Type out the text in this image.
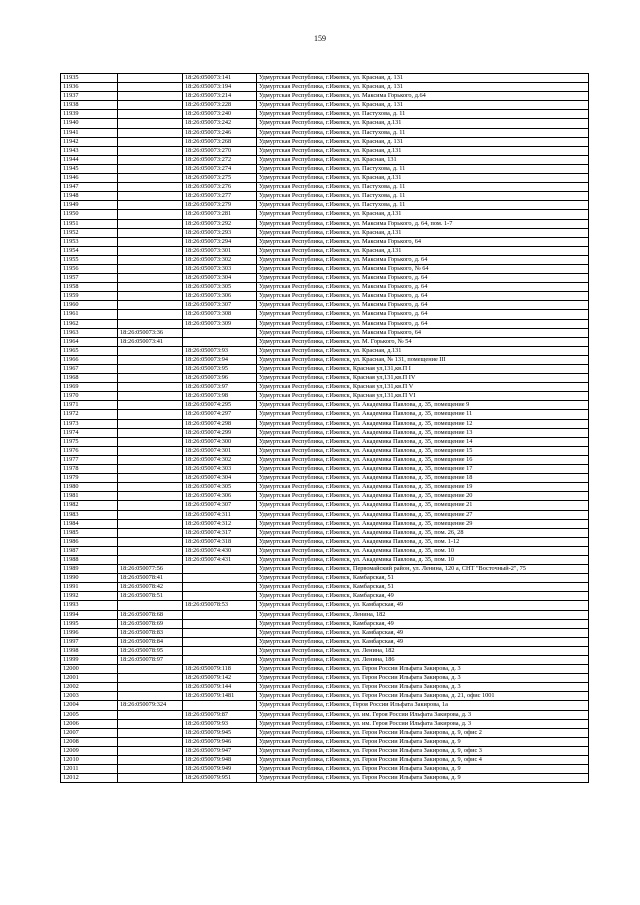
159
11935		18:26:050073:141	Удмуртская Республика, г.Ижевск, ул. Красная, д. 131
11936		18:26:050073:194	Удмуртская Республика, г.Ижевск, ул. Красная, д. 131
11937		18:26:050073:214	Удмуртская Республика, г.Ижевск, ул. Максима Горького, д.64
11938		18:26:050073:228	Удмуртская Республика, г.Ижевск, ул. Красная, д. 131
11939		18:26:050073:240	Удмуртская Республика, г.Ижевск, ул. Пастухова, д. 11
11940		18:26:050073:242	Удмуртская Республика, г.Ижевск, ул. Красная, д.131
11941		18:26:050073:246	Удмуртская Республика, г.Ижевск, ул. Пастухова, д. 11
11942		18:26:050073:268	Удмуртская Республика, г.Ижевск, ул. Красная, д. 131
11943		18:26:050073:270	Удмуртская Республика, г.Ижевск, ул. Красная, д.131
11944		18:26:050073:272	Удмуртская Республика, г.Ижевск, ул. Красная, 131
11945		18:26:050073:274	Удмуртская Республика, г.Ижевск, ул. Пастухова, д. 11
11946		18:26:050073:275	Удмуртская Республика, г.Ижевск, ул. Красная, д.131
11947		18:26:050073:276	Удмуртская Республика, г.Ижевск, ул. Пастухова, д. 11
11948		18:26:050073:277	Удмуртская Республика, г.Ижевск, ул. Пастухова, д. 11
11949		18:26:050073:279	Удмуртская Республика, г.Ижевск, ул. Пастухова, д. 11
11950		18:26:050073:281	Удмуртская Республика, г.Ижевск, ул. Красная, д.131
11951		18:26:050073:292	Удмуртская Республика, г.Ижевск, ул. Максима Горького, д. 64, пом. 1-7
11952		18:26:050073:293	Удмуртская Республика, г.Ижевск, ул. Красная, д.131
11953		18:26:050073:294	Удмуртская Республика, г.Ижевск, ул. Максима Горького, 64
11954		18:26:050073:301	Удмуртская Республика, г.Ижевск, ул. Красная, д.131
11955		18:26:050073:302	Удмуртская Республика, г.Ижевск, ул. Максима Горького, д. 64
11956		18:26:050073:303	Удмуртская Республика, г.Ижевск, ул. Максима Горького, № 64
11957		18:26:050073:304	Удмуртская Республика, г.Ижевск, ул. Максима Горького, д. 64
11958		18:26:050073:305	Удмуртская Республика, г.Ижевск, ул. Максима Горького, д. 64
11959		18:26:050073:306	Удмуртская Республика, г.Ижевск, ул. Максима Горького, д. 64
11960		18:26:050073:307	Удмуртская Республика, г.Ижевск, ул. Максима Горького, д. 64
11961		18:26:050073:308	Удмуртская Республика, г.Ижевск, ул. Максима Горького, д. 64
11962		18:26:050073:309	Удмуртская Республика, г.Ижевск, ул. Максима Горького, д. 64
11963	18:26:050073:36		Удмуртская Республика, г.Ижевск, ул. Максима Горького, 64
11964	18:26:050073:41		Удмуртская Республика, г.Ижевск, ул. М. Горького, № 54
11965		18:26:050073:93	Удмуртская Республика, г.Ижевск, ул. Красная, д.131
11966		18:26:050073:94	Удмуртская Республика, г.Ижевск, ул. Красная, № 131, помещение III
11967		18:26:050073:95	Удмуртская Республика, г.Ижевск, Красная ул,131,кв.П I
11968		18:26:050073:96	Удмуртская Республика, г.Ижевск, Красная ул,131,кв.П IV
11969		18:26:050073:97	Удмуртская Республика, г.Ижевск, Красная ул,131,кв.П V
11970		18:26:050073:98	Удмуртская Республика, г.Ижевск, Красная ул,131,кв.П VI
11971		18:26:050074:295	Удмуртская Республика, г.Ижевск, ул. Академика Павлова, д. 35, помещение 9
11972		18:26:050074:297	Удмуртская Республика, г.Ижевск, ул. Академика Павлова, д. 35, помещение 11
11973		18:26:050074:298	Удмуртская Республика, г.Ижевск, ул. Академика Павлова, д. 35, помещение 12
11974		18:26:050074:299	Удмуртская Республика, г.Ижевск, ул. Академика Павлова, д. 35, помещение 13
11975		18:26:050074:300	Удмуртская Республика, г.Ижевск, ул. Академика Павлова, д. 35, помещение 14
11976		18:26:050074:301	Удмуртская Республика, г.Ижевск, ул. Академика Павлова, д. 35, помещение 15
11977		18:26:050074:302	Удмуртская Республика, г.Ижевск, ул. Академика Павлова, д. 35, помещение 16
11978		18:26:050074:303	Удмуртская Республика, г.Ижевск, ул. Академика Павлова, д. 35, помещение 17
11979		18:26:050074:304	Удмуртская Республика, г.Ижевск, ул. Академика Павлова, д. 35, помещение 18
11980		18:26:050074:305	Удмуртская Республика, г.Ижевск, ул. Академика Павлова, д. 35, помещение 19
11981		18:26:050074:306	Удмуртская Республика, г.Ижевск, ул. Академика Павлова, д. 35, помещение 20
11982		18:26:050074:307	Удмуртская Республика, г.Ижевск, ул. Академика Павлова, д. 35, помещение 21
11983		18:26:050074:311	Удмуртская Республика, г.Ижевск, ул. Академика Павлова, д. 35, помещение 27
11984		18:26:050074:312	Удмуртская Республика, г.Ижевск, ул. Академика Павлова, д. 35, помещение 29
11985		18:26:050074:317	Удмуртская Республика, г.Ижевск, ул. Академика Павлова, д. 35, пом. 26, 28
11986		18:26:050074:318	Удмуртская Республика, г.Ижевск, ул. Академика Павлова, д. 35, пом. 1-12
11987		18:26:050074:430	Удмуртская Республика, г.Ижевск, ул. Академика Павлова, д. 35, пом. 10
11988		18:26:050074:431	Удмуртская Республика, г.Ижевск, ул. Академика Павлова, д. 35, пом. 10
11989	18:26:050077:56		Удмуртская Республика, г.Ижевск, Первомайский район, ул. Ленина, 120 а, СНТ "Восточный-2", 75
11990	18:26:050078:41		Удмуртская Республика, г.Ижевск, Камбарская, 51
11991	18:26:050078:42		Удмуртская Республика, г.Ижевск, Камбарская, 51
11992	18:26:050078:51		Удмуртская Республика, г.Ижевск, Камбарская, 49
11993		18:26:050078:53	Удмуртская Республика, г.Ижевск, ул. Камбарская, 49
11994	18:26:050078:68		Удмуртская Республика, г.Ижевск, Ленина, 182
11995	18:26:050078:69		Удмуртская Республика, г.Ижевск, Камбарская, 49
11996	18:26:050078:83		Удмуртская Республика, г.Ижевск, ул. Камбарская, 49
11997	18:26:050078:84		Удмуртская Республика, г.Ижевск, ул. Камбарская, 49
11998	18:26:050078:95		Удмуртская Республика, г.Ижевск, ул. Ленина, 182
11999	18:26:050078:97		Удмуртская Республика, г.Ижевск, ул. Ленина, 186
12000		18:26:050079:118	Удмуртская Республика, г.Ижевск, ул. Героя России Ильфата Закирова, д. 3
12001		18:26:050079:142	Удмуртская Республика, г.Ижевск, ул. Героя России Ильфата Закирова, д. 3
12002		18:26:050079:144	Удмуртская Республика, г.Ижевск, ул. Героя России Ильфата Закирова, д. 3
12003		18:26:050079:1481	Удмуртская Республика, г.Ижевск, ул. Героя России Ильфата Закирова, д. 21, офис 1001
12004	18:26:050079:324		Удмуртская Республика, г.Ижевск, Героя России Ильфата Закирова, 1а
12005		18:26:050079:87	Удмуртская Республика, г.Ижевск, ул. им. Героя России Ильфата Закирова, д. 3
12006		18:26:050079:93	Удмуртская Республика, г.Ижевск, ул. им. Героя России Ильфата Закирова, д. 3
12007		18:26:050079:945	Удмуртская Республика, г.Ижевск, ул. Героя России Ильфата Закирова, д. 9, офис 2
12008		18:26:050079:946	Удмуртская Республика, г.Ижевск, ул. Героя России Ильфата Закирова, д. 9
12009		18:26:050079:947	Удмуртская Республика, г.Ижевск, ул. Героя России Ильфата Закирова, д. 9, офис 3
12010		18:26:050079:948	Удмуртская Республика, г.Ижевск, ул. Героя России Ильфата Закирова, д. 9, офис 4
12011		18:26:050079:949	Удмуртская Республика, г.Ижевск, ул. Героя России Ильфата Закирова, д. 9
12012		18:26:050079:951	Удмуртская Республика, г.Ижевск, ул. Героя России Ильфата Закирова, д. 9
